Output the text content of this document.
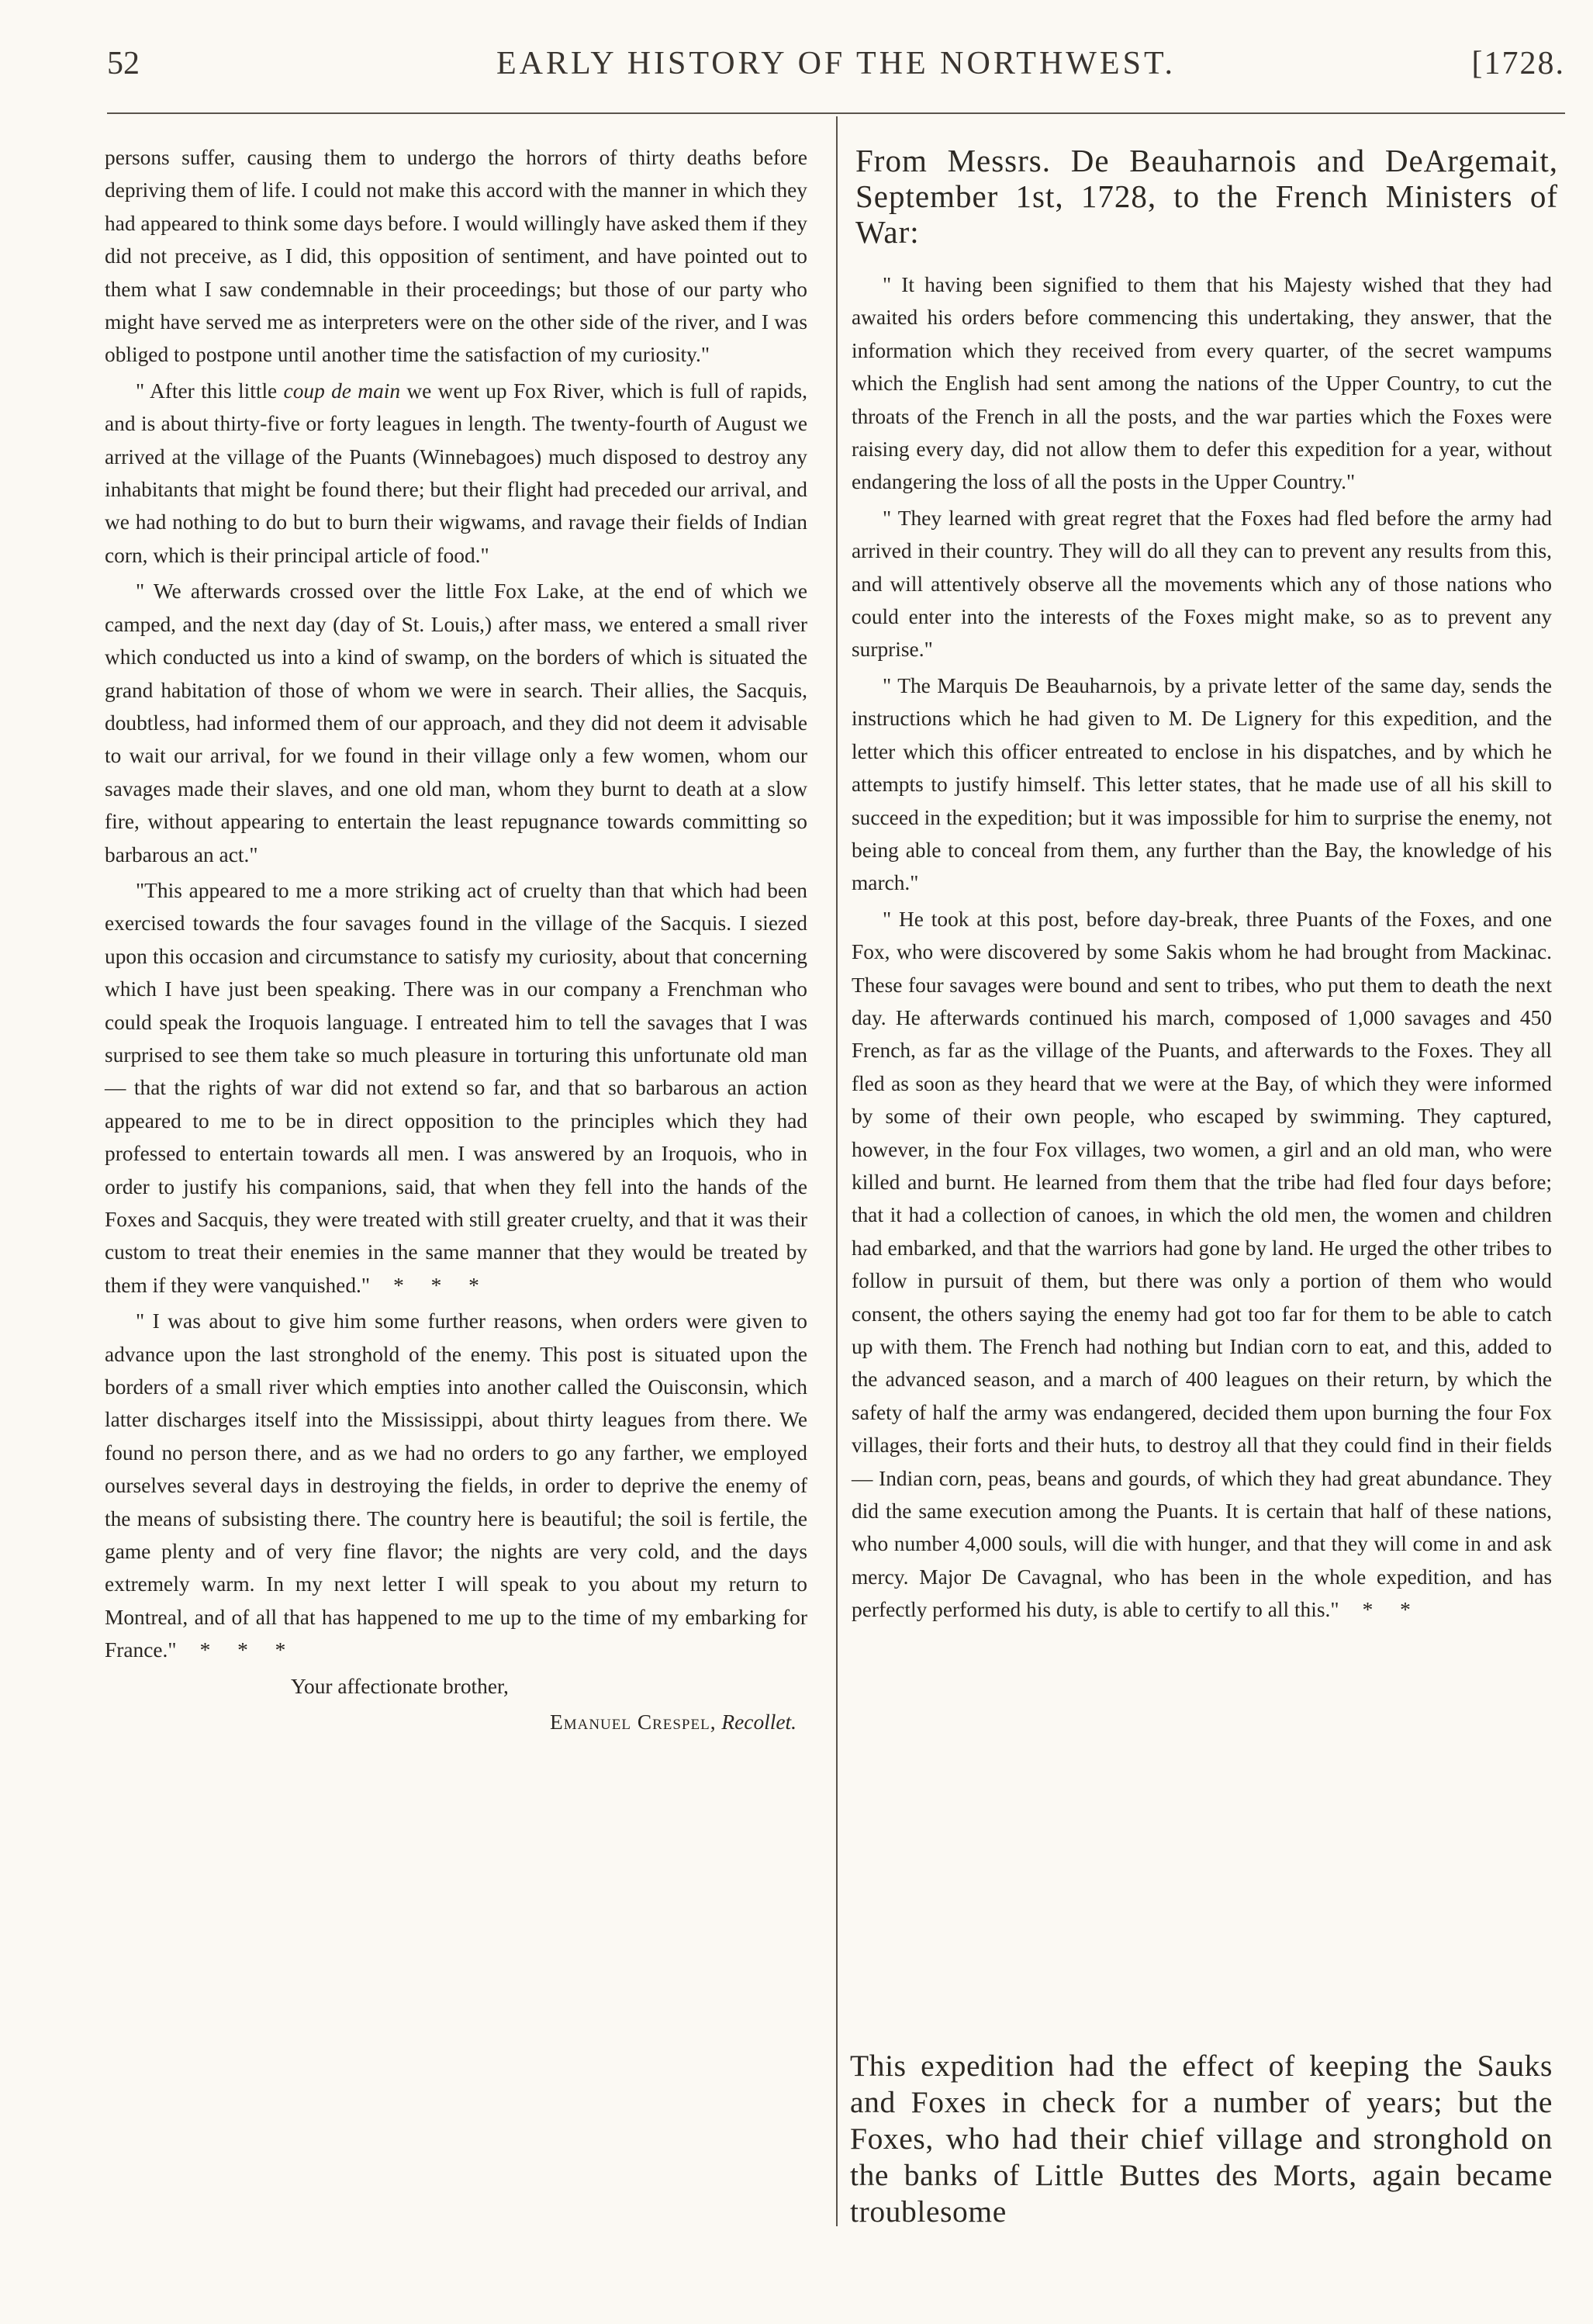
52	EARLY HISTORY OF THE NORTHWEST.	[1728.

persons suffer, causing them to undergo the horrors of thirty deaths before depriving them of life. I could not make this accord with the manner in which they had appeared to think some days before. I would willingly have asked them if they did not preceive, as I did, this opposition of sentiment, and have pointed out to them what I saw condemnable in their proceedings; but those of our party who might have served me as interpreters were on the other side of the river, and I was obliged to postpone until another time the satisfaction of my curiosity."

" After this little coup de main we went up Fox River, which is full of rapids, and is about thirty-five or forty leagues in length. The twenty-fourth of August we arrived at the village of the Puants (Winnebagoes) much disposed to destroy any inhabitants that might be found there; but their flight had preceded our arrival, and we had nothing to do but to burn their wigwams, and ravage their fields of Indian corn, which is their principal article of food."

" We afterwards crossed over the little Fox Lake, at the end of which we camped, and the next day (day of St. Louis,) after mass, we entered a small river which conducted us into a kind of swamp, on the borders of which is situated the grand habitation of those of whom we were in search. Their allies, the Sacquis, doubtless, had informed them of our approach, and they did not deem it advisable to wait our arrival, for we found in their village only a few women, whom our savages made their slaves, and one old man, whom they burnt to death at a slow fire, without appearing to entertain the least repugnance towards committing so barbarous an act."

"This appeared to me a more striking act of cruelty than that which had been exercised towards the four savages found in the village of the Sacquis. I siezed upon this occasion and circumstance to satisfy my curiosity, about that concerning which I have just been speaking. There was in our company a Frenchman who could speak the Iroquois language. I entreated him to tell the savages that I was surprised to see them take so much pleasure in torturing this unfortunate old man — that the rights of war did not extend so far, and that so barbarous an action appeared to me to be in direct opposition to the principles which they had professed to entertain towards all men. I was answered by an Iroquois, who in order to justify his companions, said, that when they fell into the hands of the Foxes and Sacquis, they were treated with still greater cruelty, and that it was their custom to treat their enemies in the same manner that they would be treated by them if they were vanquished." * * *

" I was about to give him some further reasons, when orders were given to advance upon the last stronghold of the enemy. This post is situated upon the borders of a small river which empties into another called the Ouisconsin, which latter discharges itself into the Mississippi, about thirty leagues from there. We found no person there, and as we had no orders to go any farther, we employed ourselves several days in destroying the fields, in order to deprive the enemy of the means of subsisting there. The country here is beautiful; the soil is fertile, the game plenty and of very fine flavor; the nights are very cold, and the days extremely warm. In my next letter I will speak to you about my return to Montreal, and of all that has happened to me up to the time of my embarking for France." * * *

Your affectionate brother,

Emanuel Crespel, Recollet.

From Messrs. De Beauharnois and DeArgemait, September 1st, 1728, to the French Ministers of War:

" It having been signified to them that his Majesty wished that they had awaited his orders before commencing this undertaking, they answer, that the information which they received from every quarter, of the secret wampums which the English had sent among the nations of the Upper Country, to cut the throats of the French in all the posts, and the war parties which the Foxes were raising every day, did not allow them to defer this expedition for a year, without endangering the loss of all the posts in the Upper Country."

" They learned with great regret that the Foxes had fled before the army had arrived in their country. They will do all they can to prevent any results from this, and will attentively observe all the movements which any of those nations who could enter into the interests of the Foxes might make, so as to prevent any surprise."

" The Marquis De Beauharnois, by a private letter of the same day, sends the instructions which he had given to M. De Lignery for this expedition, and the letter which this officer entreated to enclose in his dispatches, and by which he attempts to justify himself. This letter states, that he made use of all his skill to succeed in the expedition; but it was impossible for him to surprise the enemy, not being able to conceal from them, any further than the Bay, the knowledge of his march."

" He took at this post, before day-break, three Puants of the Foxes, and one Fox, who were discovered by some Sakis whom he had brought from Mackinac. These four savages were bound and sent to tribes, who put them to death the next day. He afterwards continued his march, composed of 1,000 savages and 450 French, as far as the village of the Puants, and afterwards to the Foxes. They all fled as soon as they heard that we were at the Bay, of which they were informed by some of their own people, who escaped by swimming. They captured, however, in the four Fox villages, two women, a girl and an old man, who were killed and burnt. He learned from them that the tribe had fled four days before; that it had a collection of canoes, in which the old men, the women and children had embarked, and that the warriors had gone by land. He urged the other tribes to follow in pursuit of them, but there was only a portion of them who would consent, the others saying the enemy had got too far for them to be able to catch up with them. The French had nothing but Indian corn to eat, and this, added to the advanced season, and a march of 400 leagues on their return, by which the safety of half the army was endangered, decided them upon burning the four Fox villages, their forts and their huts, to destroy all that they could find in their fields — Indian corn, peas, beans and gourds, of which they had great abundance. They did the same execution among the Puants. It is certain that half of these nations, who number 4,000 souls, will die with hunger, and that they will come in and ask mercy. Major De Cavagnal, who has been in the whole expedition, and has perfectly performed his duty, is able to certify to all this." * *

This expedition had the effect of keeping the Sauks and Foxes in check for a number of years; but the Foxes, who had their chief village and stronghold on the banks of Little Buttes des Morts, again became troublesome
